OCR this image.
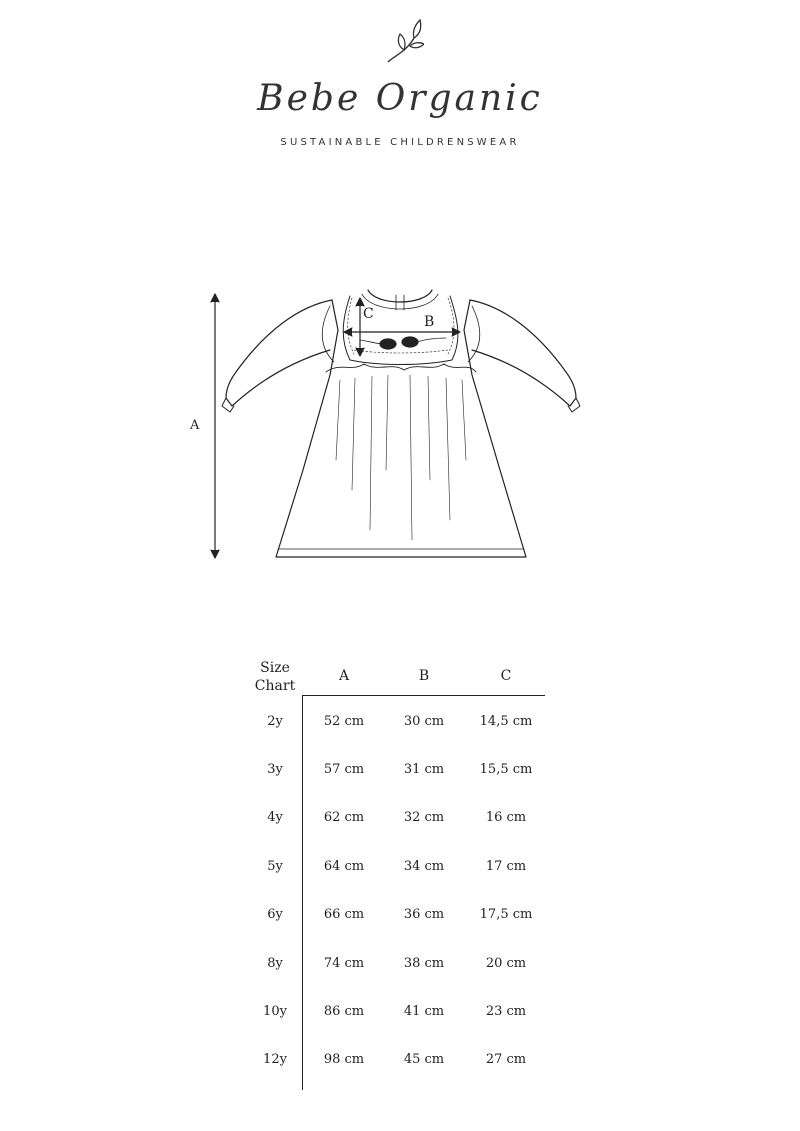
Bebe Organic
SUSTAINABLE CHILDRENSWEAR
A
B
C
Size Chart
A	B	C
2y	52 cm	30 cm	14,5 cm
3y	57 cm	31 cm	15,5 cm
4y	62 cm	32 cm	16 cm
5y	64 cm	34 cm	17 cm
6y	66 cm	36 cm	17,5 cm
8y	74 cm	38 cm	20 cm
10y	86 cm	41 cm	23 cm
12y	98 cm	45 cm	27 cm
